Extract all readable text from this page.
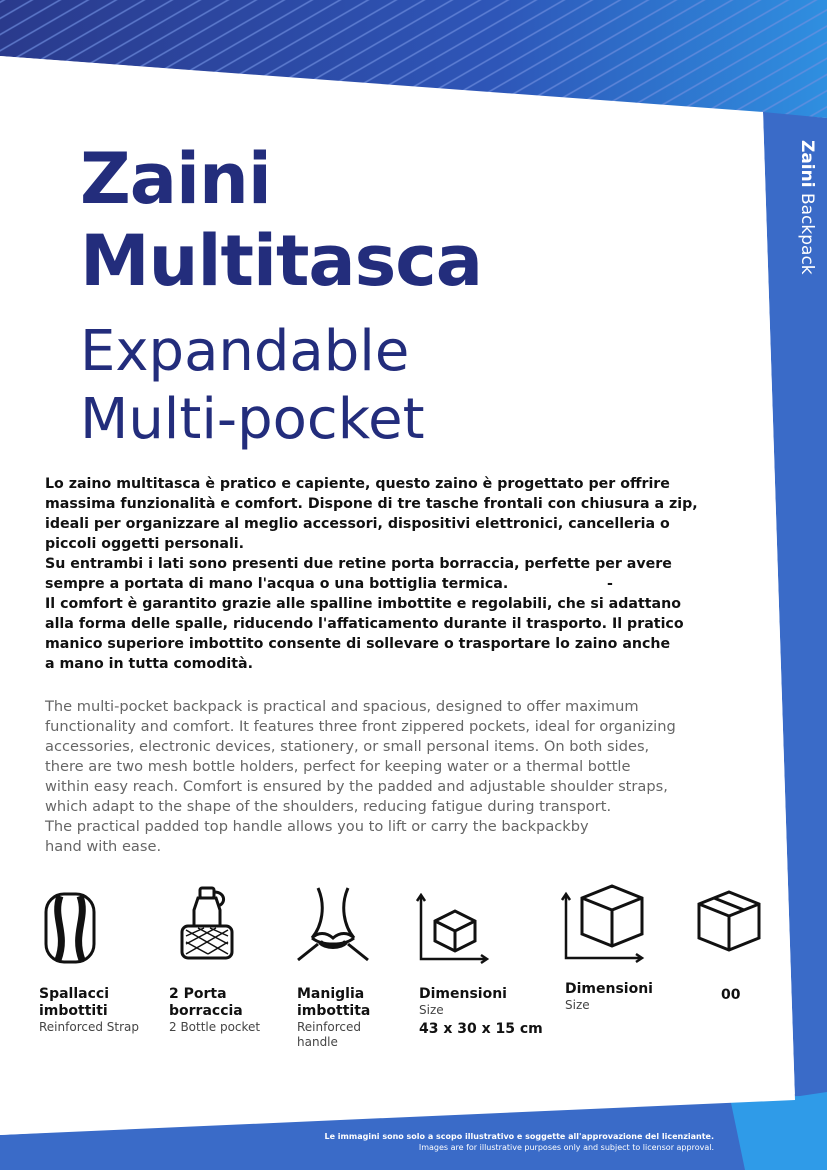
Zaini Backpack
Zaini
Multitasca
Expandable
Multi-pocket

Lo zaino multitasca è pratico e capiente, questo zaino è progettato per offrire

massima funzionalità e comfort. Dispone di tre tasche frontali con chiusura a zip,

ideali per organizzare al meglio accessori, dispositivi elettronici, cancelleria o

piccoli oggetti personali.

Su entrambi i lati sono presenti due retine porta borraccia, perfette per avere

sempre a portata di mano l'acqua o una bottiglia termica.                    -

Il comfort è garantito grazie alle spalline imbottite e regolabili, che si adattano

alla forma delle spalle, riducendo l'affaticamento durante il trasporto. Il pratico

manico superiore imbottito consente di sollevare o trasportare lo zaino anche

a mano in tutta comodità.

The multi-pocket backpack is practical and spacious, designed to offer maximum
functionality and comfort. It features three front zippered pockets, ideal for organizing
accessories, electronic devices, stationery, or small personal items. On both sides,
there are two mesh bottle holders, perfect for keeping water or a thermal bottle
within easy reach. Comfort is ensured by the padded and adjustable shoulder straps,
which adapt to the shape of the shoulders, reducing fatigue during transport.
The practical padded top handle allows you to lift or carry the backpackby
hand with ease.
Spallacci
imbottiti
Reinforced Strap
2 Porta
borraccia
2 Bottle pocket
Maniglia
imbottita
Reinforced
handle
Dimensioni
Size
43 x 30 x 15 cm
Dimensioni
Size
00
Le immagini sono solo a scopo illustrativo e soggette all'approvazione del licenziante.
Images are for illustrative purposes only and subject to licensor approval.
